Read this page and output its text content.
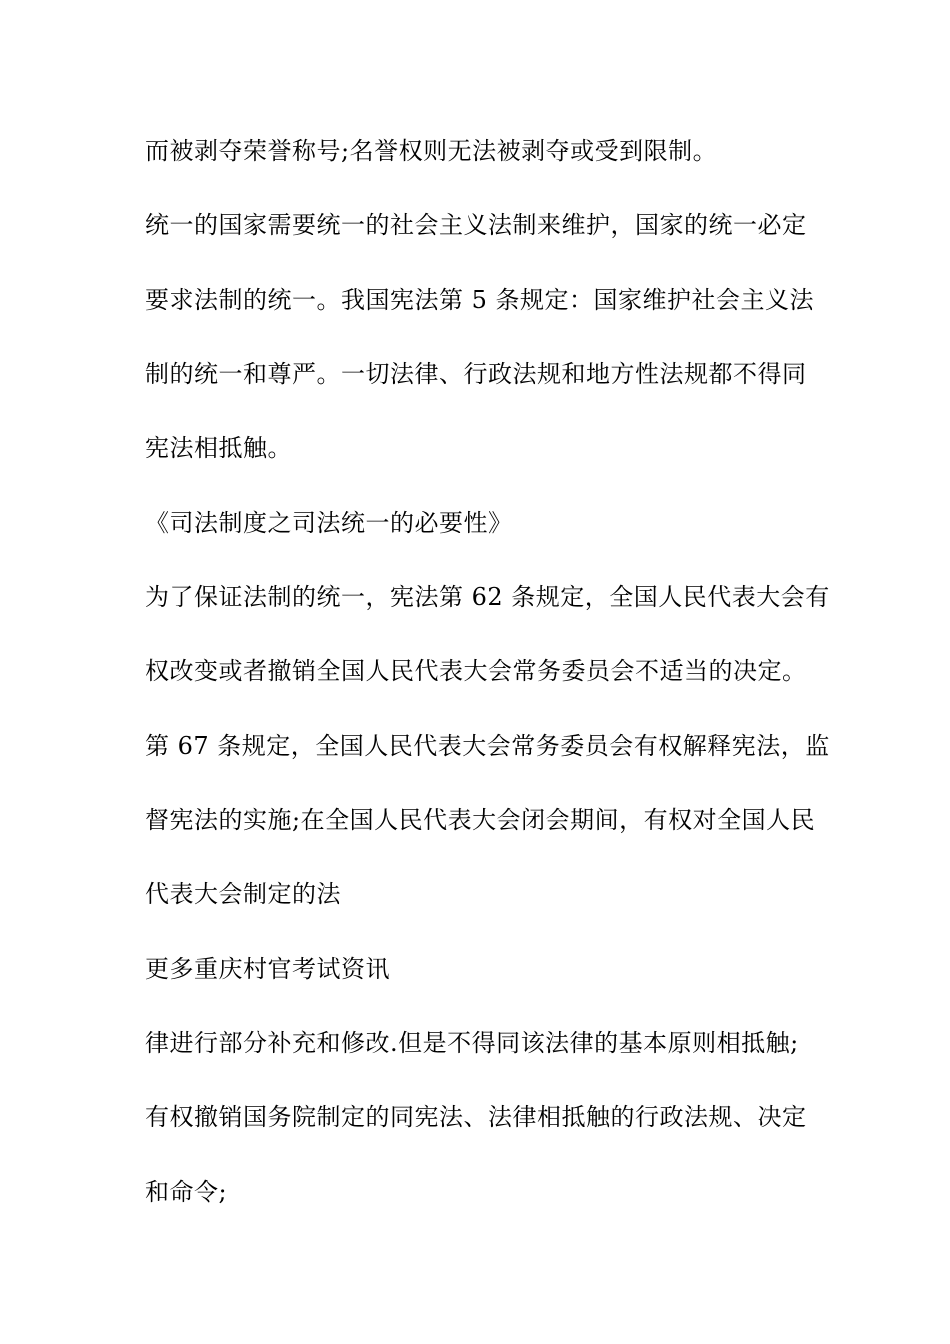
而被剥夺荣誉称号;名誉权则无法被剥夺或受到限制。
统一的国家需要统一的社会主义法制来维护，国家的统一必定
要求法制的统一。我国宪法第 5 条规定：国家维护社会主义法
制的统一和尊严。一切法律、行政法规和地方性法规都不得同
宪法相抵触。
《司法制度之司法统一的必要性》
为了保证法制的统一，宪法第 62 条规定，全国人民代表大会有
权改变或者撤销全国人民代表大会常务委员会不适当的决定。
第 67 条规定，全国人民代表大会常务委员会有权解释宪法，监
督宪法的实施;在全国人民代表大会闭会期间，有权对全国人民
代表大会制定的法
更多重庆村官考试资讯
律进行部分补充和修改.但是不得同该法律的基本原则相抵触;
有权撤销国务院制定的同宪法、法律相抵触的行政法规、决定
和命令;
